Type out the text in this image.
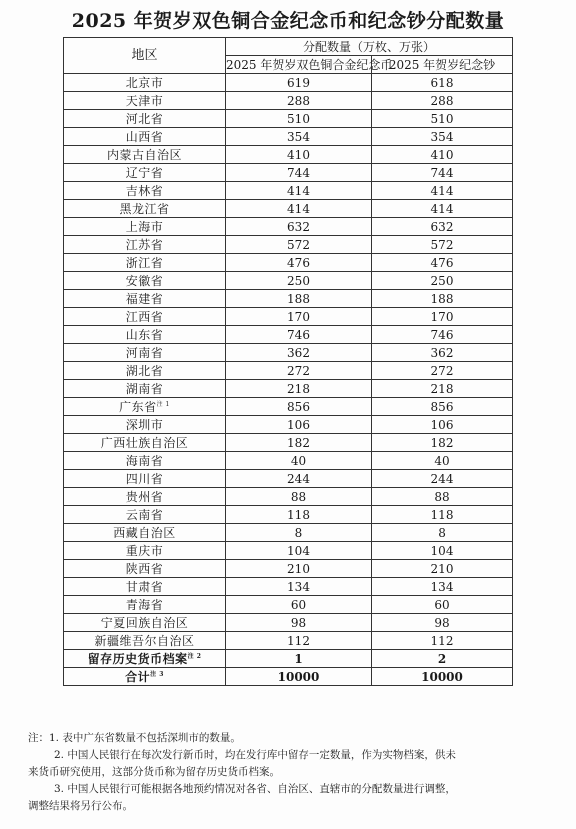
2025 年贺岁双色铜合金纪念币和纪念钞分配数量
地区	分配数量（万枚、万张）	
	2025 年贺岁双色铜合金纪念币	2025 年贺岁纪念钞
北京市	619	618
天津市	288	288
河北省	510	510
山西省	354	354
内蒙古自治区	410	410
辽宁省	744	744
吉林省	414	414
黑龙江省	414	414
上海市	632	632
江苏省	572	572
浙江省	476	476
安徽省	250	250
福建省	188	188
江西省	170	170
山东省	746	746
河南省	362	362
湖北省	272	272
湖南省	218	218
广东省$^{注 1}$	856	856
深圳市	106	106
广西壮族自治区	182	182
海南省	40	40
四川省	244	244
贵州省	88	88
云南省	118	118
西藏自治区	8	8
重庆市	104	104
陕西省	210	210
甘肃省	134	134
青海省	60	60
宁夏回族自治区	98	98
新疆维吾尔自治区	112	112
留存历史货币档案$^{注 2}$	1	2
合计$^{注 3}$	10000	10000
注：1. 表中广东省数量不包括深圳市的数量。
2. 中国人民银行在每次发行新币时，均在发行库中留存一定数量，作为实物档案，供未
来货币研究使用，这部分货币称为留存历史货币档案。
3. 中国人民银行可能根据各地预约情况对各省、自治区、直辖市的分配数量进行调整，
调整结果将另行公布。
